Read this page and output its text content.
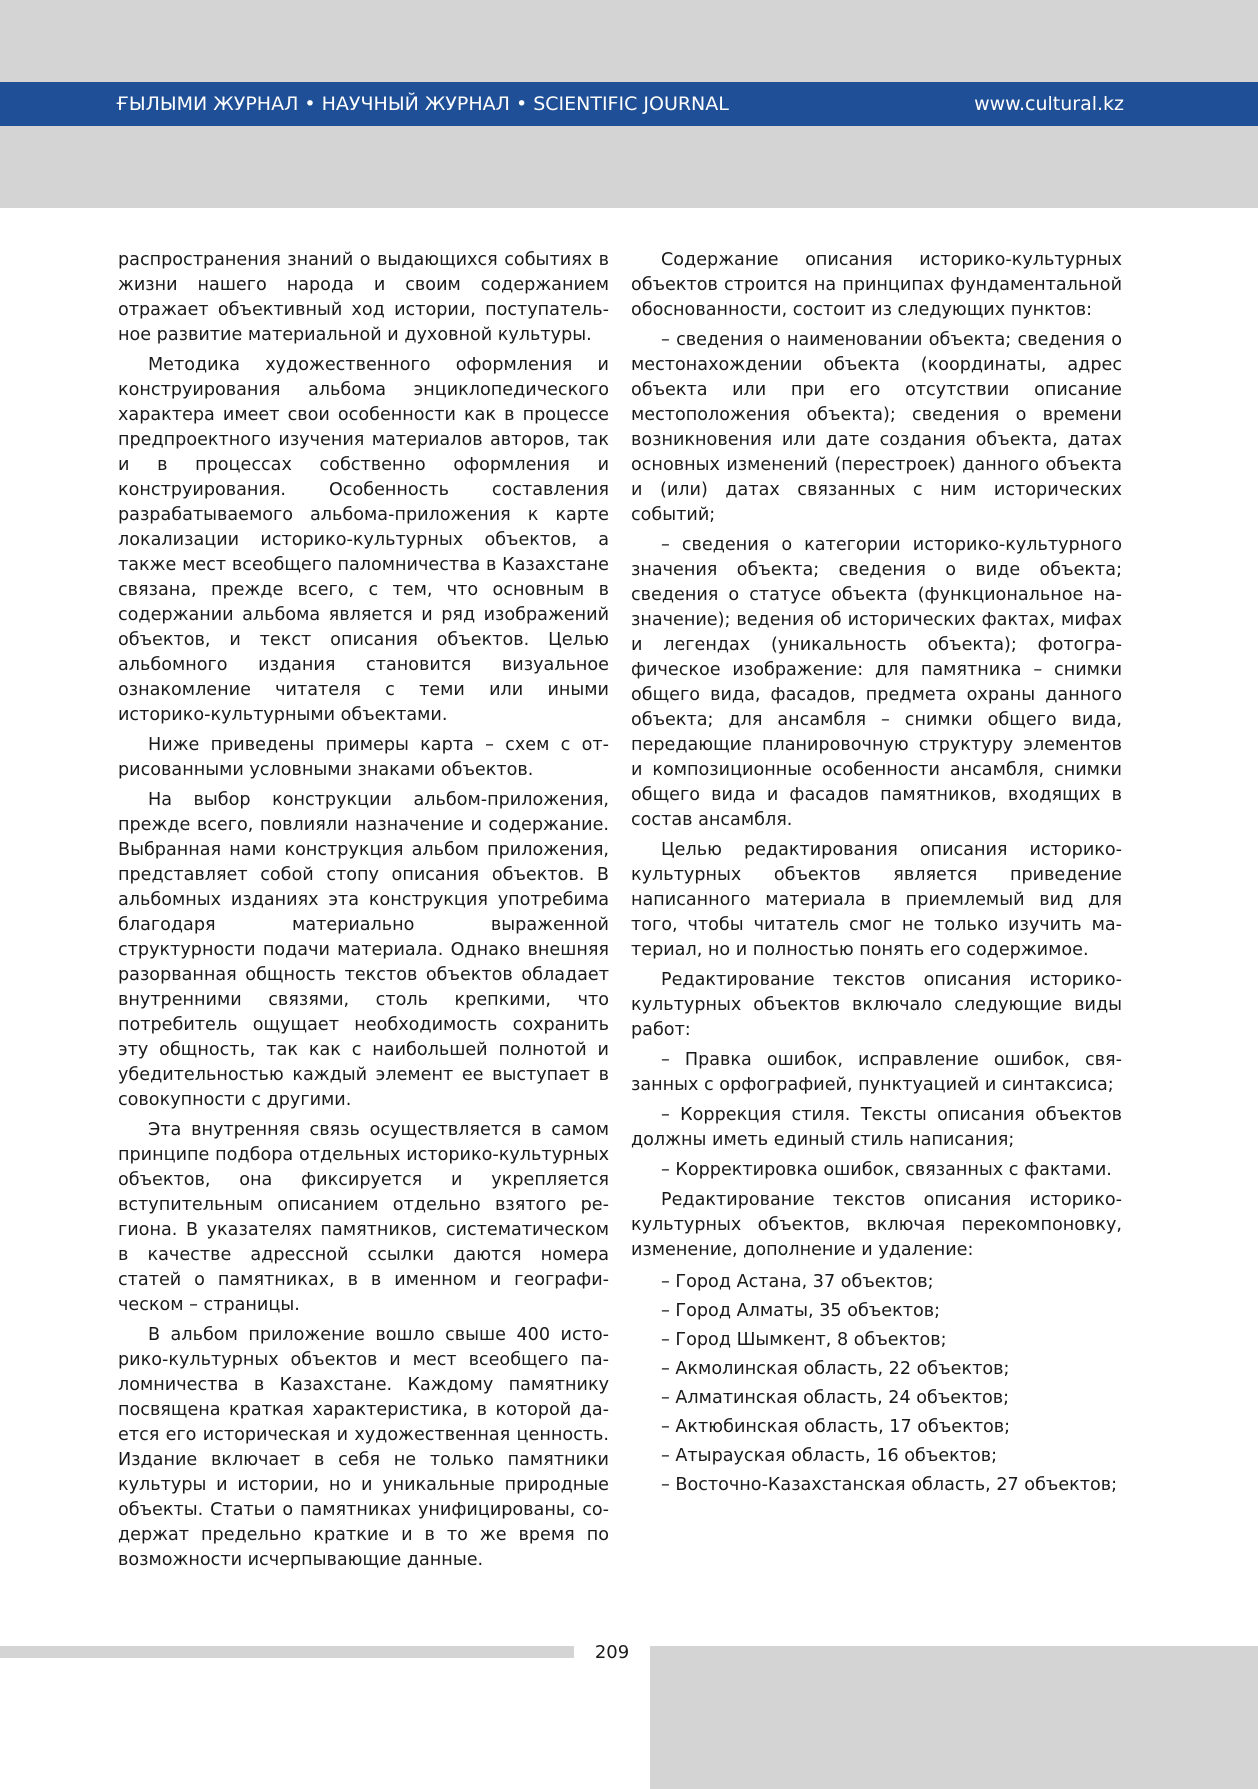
ҒЫЛЫМИ ЖУРНАЛ • НАУЧНЫЙ ЖУРНАЛ • SCIENTIFIC JOURNAL	www.cultural.kz

распространения знаний о выдающихся событиях в жизни нашего народа и своим содержанием отражает объективный ход истории, поступательное развитие материальной и духовной культуры.

Методика художественного оформления и конструирования альбома энциклопедического характера имеет свои особенности как в процессе предпроектного изучения материалов авторов, так и в процессах собственно оформления и конструирования. Особенность составления разрабатываемого альбома-приложения к карте локализации историко-культурных объектов, а также мест всеобщего паломничества в Казахстане связана, прежде всего, с тем, что основным в содержании альбома является и ряд изображений объектов, и текст описания объектов. Целью альбомного издания становится визуальное ознакомление читателя с теми или иными историко-культурными объектами.

Ниже приведены примеры карта – схем с отрисованными условными знаками объектов.

На выбор конструкции альбом-приложения, прежде всего, повлияли назначение и содержание. Выбранная нами конструкция альбом приложения, представляет собой стопу описания объектов. В альбомных изданиях эта конструкция употребима благодаря материально выраженной структурности подачи материала. Однако внешняя разорванная общность текстов объектов обладает внутренними связями, столь крепкими, что потребитель ощущает необходимость сохранить эту общность, так как с наибольшей полнотой и убедительностью каждый элемент ее выступает в совокупности с другими.

Эта внутренняя связь осуществляется в самом принципе подбора отдельных историко-культурных объектов, она фиксируется и укрепляется вступительным описанием отдельно взятого региона. В указателях памятников, систематическом в качестве адрессной ссылки даются номера статей о памятниках, в в именном и географическом – страницы.

В альбом приложение вошло свыше 400 историко-культурных объектов и мест всеобщего паломничества в Казахстане. Каждому памятнику посвящена краткая характеристика, в которой дается его историческая и художественная ценность. Издание включает в себя не только памятники культуры и истории, но и уникальные природные объекты. Статьи о памятниках унифицированы, содержат предельно краткие и в то же время по возможности исчерпывающие данные.

Содержание описания историко-культурных объектов строится на принципах фундаментальной обоснованности, состоит из следующих пунктов:

– сведения о наименовании объекта; сведения о местонахождении объекта (координаты, адрес объекта или при его отсутствии описание местоположения объекта); сведения о времени возникновения или дате создания объекта, датах основных изменений (перестроек) данного объекта и (или) датах связанных с ним исторических событий;

– сведения о категории историко-культурного значения объекта; сведения о виде объекта; сведения о статусе объекта (функциональное назначение); ведения об исторических фактах, мифах и легендах (уникальность объекта); фотографическое изображение: для памятника – снимки общего вида, фасадов, предмета охраны данного объекта; для ансамбля – снимки общего вида, передающие планировочную структуру элементов и композиционные особенности ансамбля, снимки общего вида и фасадов памятников, входящих в состав ансамбля.

Целью редактирования описания историко-культурных объектов является приведение написанного материала в приемлемый вид для того, чтобы читатель смог не только изучить материал, но и полностью понять его содержимое.

Редактирование текстов описания историко-культурных объектов включало следующие виды работ:

– Правка ошибок, исправление ошибок, связанных с орфографией, пунктуацией и синтаксиса;

– Коррекция стиля. Тексты описания объектов должны иметь единый стиль написания;

– Корректировка ошибок, связанных с фактами.

Редактирование текстов описания историко-культурных объектов, включая перекомпоновку, изменение, дополнение и удаление:

– Город Астана, 37 объектов;
– Город Алматы, 35 объектов;
– Город Шымкент, 8 объектов;
– Акмолинская область, 22 объектов;
– Алматинская область, 24 объектов;
– Актюбинская область, 17 объектов;
– Атырауская область, 16 объектов;
– Восточно-Казахстанская область, 27 объектов;
209
